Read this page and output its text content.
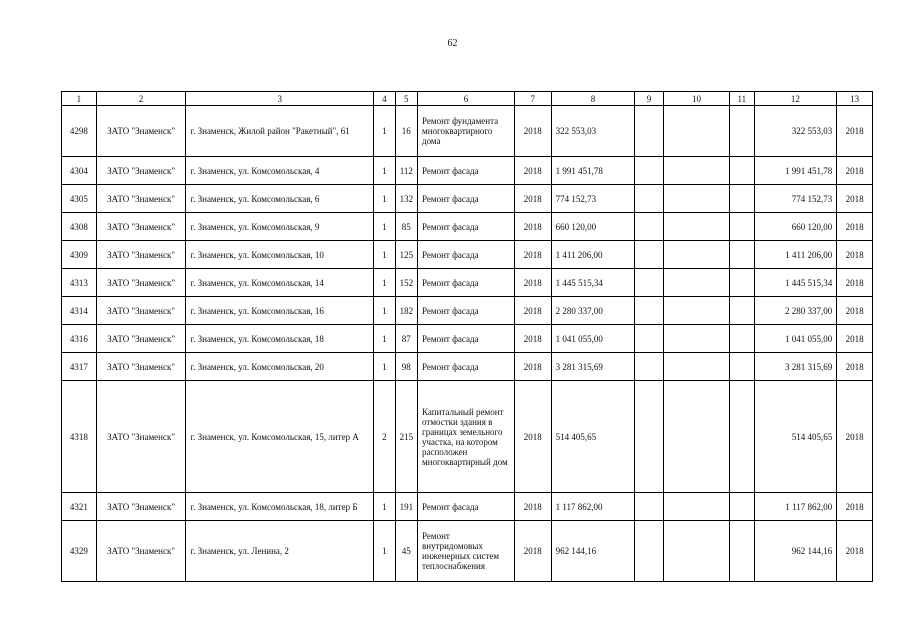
62
1	2	3	4	5	6	7	8	9	10	11	12	13
4298	ЗАТО "Знаменск"	г. Знаменск, Жилой район "Ракетный", 61	1	16	Ремонт фундамента многоквартирного дома	2018	322 553,03				322 553,03	2018
4304	ЗАТО "Знаменск"	г. Знаменск, ул. Комсомольская, 4	1	112	Ремонт фасада	2018	1 991 451,78				1 991 451,78	2018
4305	ЗАТО "Знаменск"	г. Знаменск, ул. Комсомольская, 6	1	132	Ремонт фасада	2018	774 152,73				774 152,73	2018
4308	ЗАТО "Знаменск"	г. Знаменск, ул. Комсомольская, 9	1	85	Ремонт фасада	2018	660 120,00				660 120,00	2018
4309	ЗАТО "Знаменск"	г. Знаменск, ул. Комсомольская, 10	1	125	Ремонт фасада	2018	1 411 206,00				1 411 206,00	2018
4313	ЗАТО "Знаменск"	г. Знаменск, ул. Комсомольская, 14	1	152	Ремонт фасада	2018	1 445 515,34				1 445 515,34	2018
4314	ЗАТО "Знаменск"	г. Знаменск, ул. Комсомольская, 16	1	182	Ремонт фасада	2018	2 280 337,00				2 280 337,00	2018
4316	ЗАТО "Знаменск"	г. Знаменск, ул. Комсомольская, 18	1	87	Ремонт фасада	2018	1 041 055,00				1 041 055,00	2018
4317	ЗАТО "Знаменск"	г. Знаменск, ул. Комсомольская, 20	1	98	Ремонт фасада	2018	3 281 315,69				3 281 315,69	2018
4318	ЗАТО "Знаменск"	г. Знаменск, ул. Комсомольская, 15, литер А	2	215	Капитальный ремонт отмостки здания в границах земельного участка, на котором расположен многоквартирный дом	2018	514 405,65				514 405,65	2018
4321	ЗАТО "Знаменск"	г. Знаменск, ул. Комсомольская, 18, литер Б	1	191	Ремонт фасада	2018	1 117 862,00				1 117 862,00	2018
4329	ЗАТО "Знаменск"	г. Знаменск, ул. Ленина, 2	1	45	Ремонт внутридомовых инженерных систем теплоснабжения	2018	962 144,16				962 144,16	2018
